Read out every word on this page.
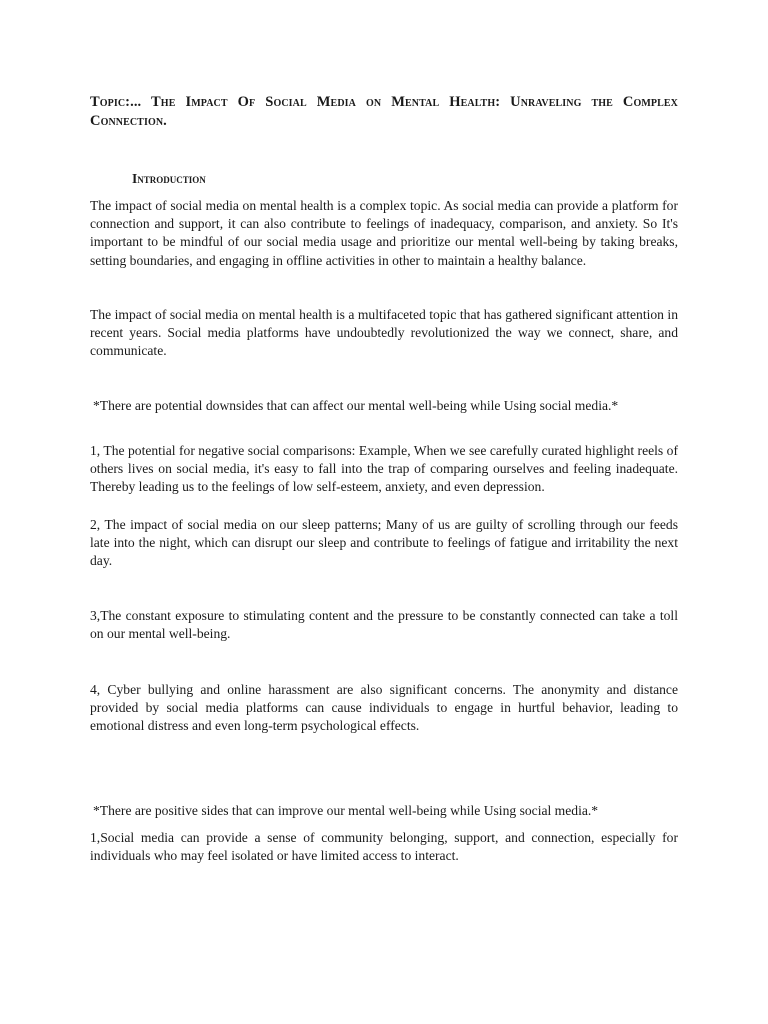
Topic:... The Impact Of Social Media on Mental Health: Unraveling the Complex Connection.
Introduction

The impact of social media on mental health is a complex topic. As social media can provide a platform for connection and support, it can also contribute to feelings of inadequacy, comparison, and anxiety. So It's important to be mindful of our social media usage and prioritize our mental well-being by taking breaks, setting boundaries, and engaging in offline activities in other to maintain a healthy balance.

The impact of social media on mental health is a multifaceted topic that has gathered significant attention in recent years. Social media platforms have undoubtedly revolutionized the way we connect, share, and communicate.

*There are potential downsides that can affect our mental well-being while Using social media.*

1, The potential for negative social comparisons: Example, When we see carefully curated highlight reels of others lives on social media, it's easy to fall into the trap of comparing ourselves and feeling inadequate. Thereby leading us to the feelings of low self-esteem, anxiety, and even depression.

2, The impact of social media on our sleep patterns; Many of us are guilty of scrolling through our feeds late into the night, which can disrupt our sleep and contribute to feelings of fatigue and irritability the next day.

3,The constant exposure to stimulating content and the pressure to be constantly connected can take a toll on our mental well-being.

4, Cyber bullying and online harassment are also significant concerns. The anonymity and distance provided by social media platforms can cause individuals to engage in hurtful behavior, leading to emotional distress and even long-term psychological effects.

*There are positive sides that can improve our mental well-being while Using social media.*

1,Social media can provide a sense of community belonging, support, and connection, especially for individuals who may feel isolated or have limited access to interact.
